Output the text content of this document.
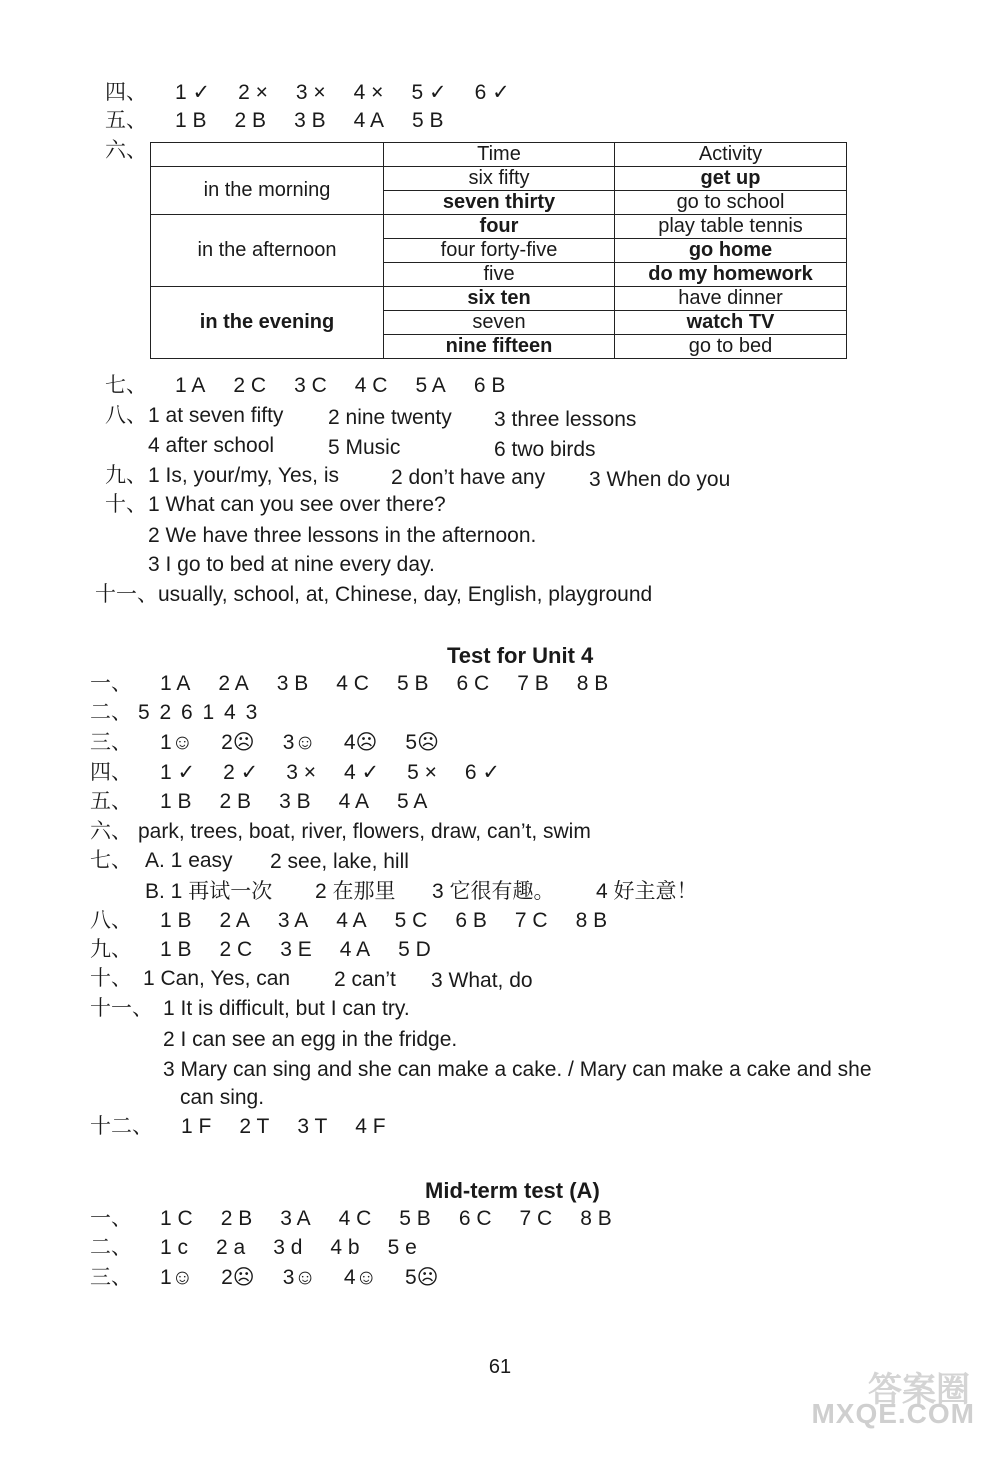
四、 1 ✓ 2 × 3 × 4 × 5 ✓ 6 ✓
五、 1 B 2 B 3 B 4 A 5 B
六、
		Time	Activity
in the morning	six fifty	get up
	seven thirty	go to school
in the afternoon	four	play table tennis
	four forty-five	go home
	five	do my homework
in the evening	six ten	have dinner
	seven	watch TV
	nine fifteen	go to bed
七、 1 A 2 C 3 C 4 C 5 A 6 B
八、 1 at seven fifty 2 nine twenty 3 three lessons
4 after school	5 Music	6 two birds
九、 1 Is, your/my, Yes, is 2 don’t have any 3 When do you
十、 1 What can you see over there?
2 We have three lessons in the afternoon.
3 I go to bed at nine every day.
十一、usually, school, at, Chinese, day, English, playground
Test for Unit 4
一、 1 A 2 A 3 B 4 C 5 B 6 C 7 B 8 B
二、 5 2 6 1 4 3
三、 1☺ 2☹ 3☺ 4☹ 5☹
四、 1 ✓ 2 ✓ 3 × 4 ✓ 5 × 6 ✓
五、 1 B 2 B 3 B 4 A 5 A
六、 park, trees, boat, river, flowers, draw, can’t, swim
七、 A. 1 easy 2 see, lake, hill
B. 1 再试一次 2 在那里 3 它很有趣。 4 好主意！
八、 1 B 2 A 3 A 4 A 5 C 6 B 7 C 8 B
九、 1 B 2 C 3 E 4 A 5 D
十、 1 Can, Yes, can 2 can’t 3 What, do
十一、 1 It is difficult, but I can try.
2 I can see an egg in the fridge.
3 Mary can sing and she can make a cake. / Mary can make a cake and she
can sing.
十二、 1 F 2 T 3 T 4 F
Mid-term test (A)
一、 1 C 2 B 3 A 4 C 5 B 6 C 7 C 8 B
二、 1 c 2 a 3 d 4 b 5 e
三、 1☺ 2☹ 3☺ 4☺ 5☹
61
答案圈
MXQE.COM
